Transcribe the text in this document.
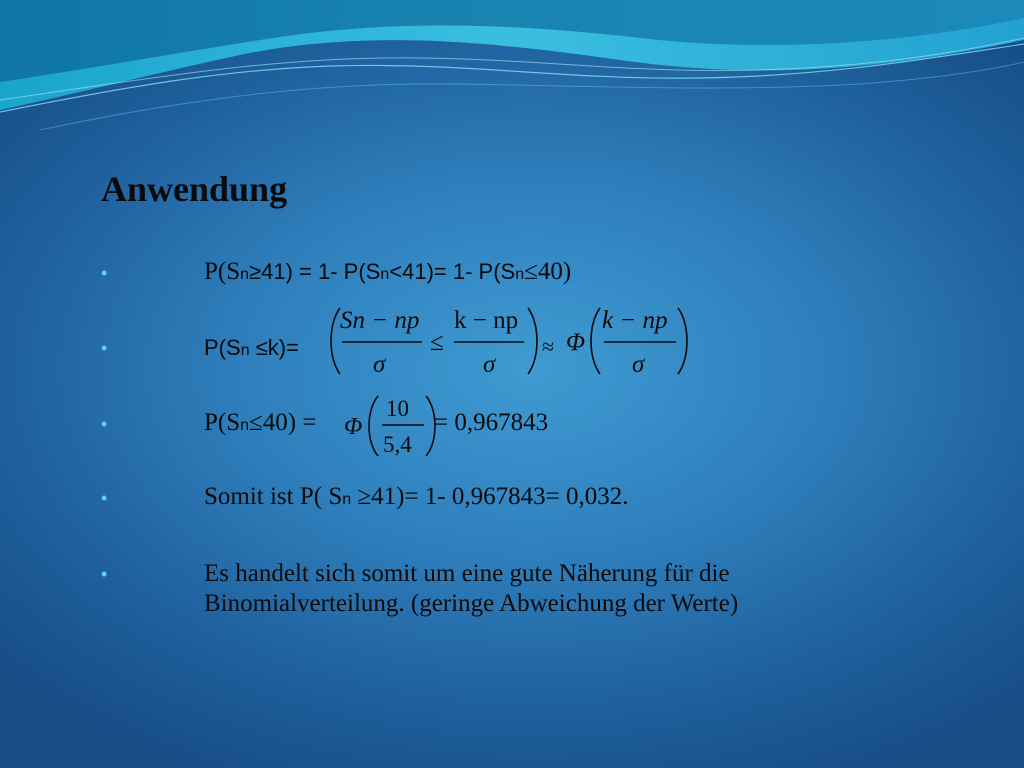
Anwendung
•	P(Sn≥41) = 1- P(Sn<41)= 1- P(Sn≤40)
•	P(Sn ≤k)=
Sn − np
σ
≤
k − np
σ
≈ Φ
k − np
σ
•	P(Sn≤40) = Φ
10
5,4
= 0,967843
•	Somit ist P( Sn ≥41)= 1- 0,967843= 0,032.
•	Es handelt sich somit um eine gute Näherung für die
Binomialverteilung. (geringe Abweichung der Werte)
